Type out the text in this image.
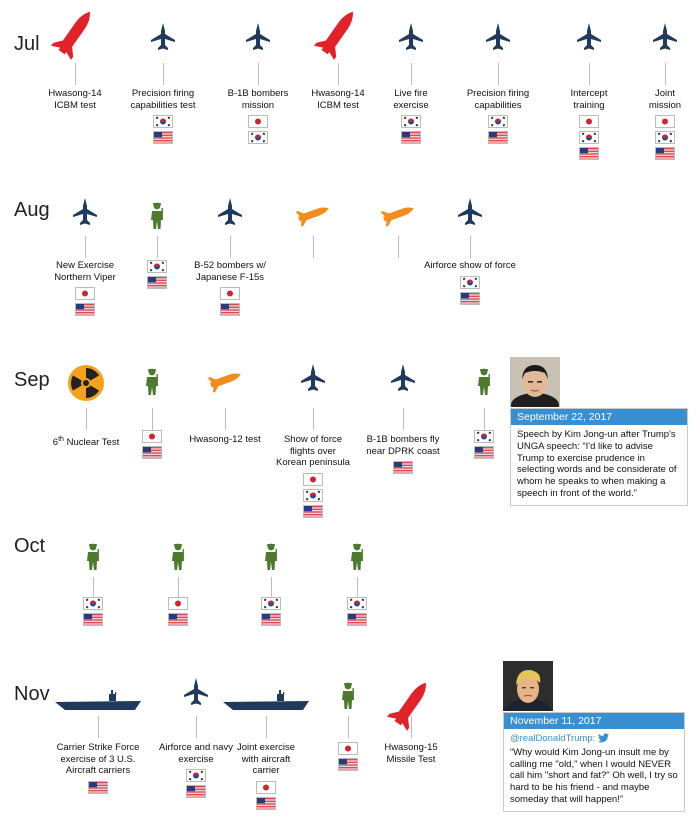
Jul
Aug
Sep
Oct
Nov
Hwasong-14
ICBM test
Precision firing
capabilities test
B-1B bombers
mission
Hwasong-14
ICBM test
Live fire
exercise
Precision firing
capabilities
Intercept
training
Joint
mission
New Exercise
Northern Viper
B-52 bombers w/
Japanese F-15s
Airforce show of force
6th Nuclear Test	Hwasong-12 test	Show of force
flights over
Korean peninsula
B-1B bombers fly
near DPRK coast
Carrier Strike Force
exercise of 3 U.S.
Aircraft carriers
Airforce and navy
exercise
Joint exercise
with aircraft
carrier
Hwasong-15
Missile Test
September 22, 2017
Speech by Kim Jong-un after Trump's UNGA speech: “I'd like to advise Trump to exercise prudence in selecting words and be considerate of whom he speaks to when making a speech in front of the world.”
November 11, 2017
@realDonaldTrump:
“Why would Kim Jong-un insult me by calling me "old," when I would NEVER call him "short and fat?" Oh well, I try so hard to be his friend - and maybe someday that will happen!”
